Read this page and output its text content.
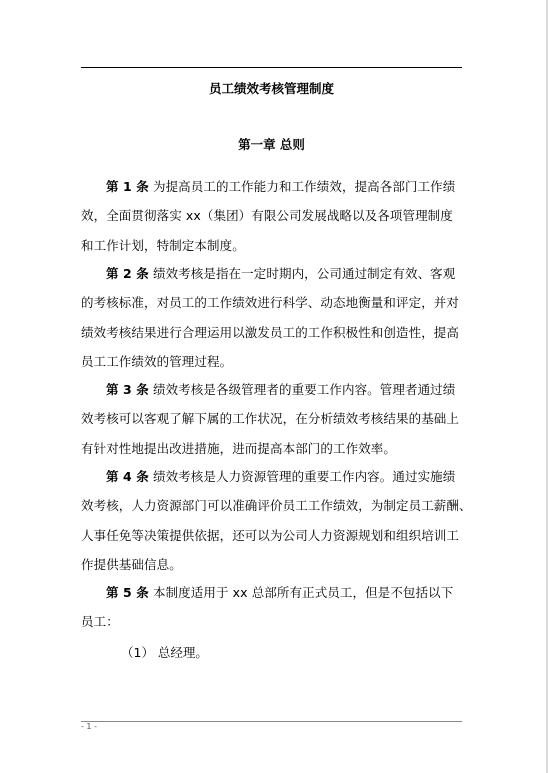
员工绩效考核管理制度
第一章 总则
第 1 条 为提高员工的工作能力和工作绩效，提高各部门工作绩
效，全面贯彻落实 xx（集团）有限公司发展战略以及各项管理制度
和工作计划，特制定本制度。
第 2 条 绩效考核是指在一定时期内，公司通过制定有效、客观
的考核标准，对员工的工作绩效进行科学、动态地衡量和评定，并对
绩效考核结果进行合理运用以激发员工的工作积极性和创造性，提高
员工工作绩效的管理过程。
第 3 条 绩效考核是各级管理者的重要工作内容。管理者通过绩
效考核可以客观了解下属的工作状况，在分析绩效考核结果的基础上
有针对性地提出改进措施，进而提高本部门的工作效率。
第 4 条 绩效考核是人力资源管理的重要工作内容。通过实施绩
效考核，人力资源部门可以准确评价员工工作绩效，为制定员工薪酬、
人事任免等决策提供依据，还可以为公司人力资源规划和组织培训工
作提供基础信息。
第 5 条 本制度适用于 xx 总部所有正式员工，但是不包括以下
员工：
（1） 总经理。
- 1 -
